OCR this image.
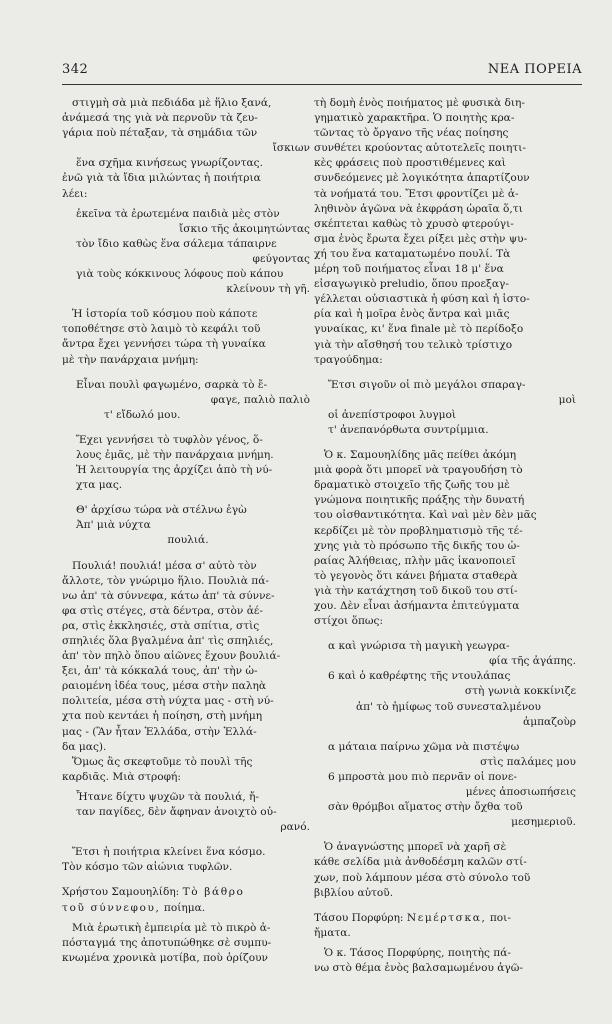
342	ΝΕΑ ΠΟΡΕΙΑ

στιγμὴ σὰ μιὰ πεδιάδα μὲ ἥλιο ξανά,

ἀνάμεσά της γιὰ νὰ περνοῦν τὰ ζευ-

γάρια ποὺ πέταξαν, τὰ σημάδια τῶν

ἴσκιων

ἕνα σχῆμα κινήσεως γνωρίζοντας.

ἐνῶ γιὰ τὰ ἴδια μιλώντας ἡ ποιήτρια

λέει:

ἐκεῖνα τὰ ἐρωτεμένα παιδιὰ μὲς στὸν

ἴσκιο τῆς ἀκοιμητώντας

τὸν ἴδιο καθὼς ἕνα σάλεμα τάπαιρνε

φεύγοντας

γιὰ τοὺς κόκκινους λόφους ποὺ κάπου

κλείνουν τὴ γῆ.

Ἡ ἱστορία τοῦ κόσμου ποὺ κάποτε

τοποθέτησε στὸ λαιμὸ τὸ κεφάλι τοῦ

ἄντρα ἔχει γεννήσει τώρα τὴ γυναίκα

μὲ τὴν πανάρχαια μνήμη:

Εἶναι πουλὶ φαγωμένο, σαρκὰ τὸ ἔ-

φαγε, παλιὸ παλιὸ

τ' εἴδωλό μου.

Ἔχει γεννήσει τὸ τυφλὸν γένος, ὅ-

λους ἐμᾶς, μὲ τὴν πανάρχαια μνήμη.

Ἡ λειτουργία της ἀρχίζει ἀπὸ τὴ νύ-

χτα μας.

Θ' ἀρχίσω τώρα νὰ στέλνω ἐγὼ

Ἀπ' μιὰ νύχτα

πουλιά.

Πουλιά! πουλιά! μέσα σ' αὐτὸ τὸν

ἄλλοτε, τὸν γνώριμο ἥλιο. Πουλιὰ πά-

νω ἀπ' τὰ σύννεφα, κάτω ἀπ' τὰ σύννε-

φα στὶς στέγες, στὰ δέντρα, στὸν ἀέ-

ρα, στὶς ἐκκλησιές, στὰ σπίτια, στὶς

σπηλιές ὅλα βγαλμένα ἀπ' τὶς σπηλιές,

ἀπ' τὸν πηλὸ ὅπου αἰῶνες ἔχουν βουλιά-

ξει, ἀπ' τὰ κόκκαλά τους, ἀπ' τὴν ὠ-

ραιομένη ἰδέα τους, μέσα στὴν παληὰ

πολιτεία, μέσα στὴ νύχτα μας - στὴ νύ-

χτα ποὺ κεντάει ἡ ποίηση, στὴ μνήμη

μας - (Ἂν ἦταν Ἑλλάδα, στὴν Ἑλλά-

δα μας).

Ὅμως ἂς σκεφτοῦμε τὸ πουλὶ τῆς

καρδιᾶς. Μιὰ στροφή:

Ἦτανε δίχτυ ψυχῶν τὰ πουλιά, ἤ-

ταν παγίδες, δὲν ἄφηναν ἀνοιχτὸ οὐ-

ρανό.

Ἔτσι ἡ ποιήτρια κλείνει ἕνα κόσμο.

Τὸν κόσμο τῶν αἰώνια τυφλῶν.

Χρήστου Σαμουηλίδη: Τὸ βάθρο

τοῦ σύννεφου, ποίημα.

Μιὰ ἐρωτικὴ ἐμπειρία μὲ τὸ πικρὸ ἀ-

πόσταγμά της ἀποτυπώθηκε σὲ συμπυ-

κνωμένα χρονικὰ μοτίβα, ποὺ ὁρίζουν

τὴ δομὴ ἑνὸς ποιήματος μὲ φυσικὰ διη-

γηματικὸ χαρακτῆρα. Ὁ ποιητὴς κρα-

τῶντας τὸ ὄργανο τῆς νέας ποίησης

συνθέτει κρούοντας αὐτοτελεῖς ποιητι-

κὲς φράσεις ποὺ προστιθέμενες καὶ

συνδεόμενες μὲ λογικότητα ἀπαρτίζουν

τὰ νοήματά του. Ἔτσι φροντίζει μὲ ἀ-

ληθινὸν ἀγῶνα νὰ ἐκφράση ὡραῖα ὅ,τι

σκέπτεται καθὼς τὸ χρυσὸ φτερούγι-

σμα ἑνὸς ἔρωτα ἔχει ρίξει μὲς στὴν ψυ-

χή του ἕνα καταματωμένο πουλί. Τὰ

μέρη τοῦ ποιήματος εἶναι 18 μ' ἕνα

εἰσαγωγικὸ preludio, ὅπου προεξαγ-

γέλλεται οὐσιαστικὰ ἡ φύση καὶ ἡ ἱστο-

ρία καὶ ἡ μοῖρα ἑνὸς ἄντρα καὶ μιᾶς

γυναίκας, κι' ἕνα finale μὲ τὸ περίδοξο

γιὰ τὴν αἴσθησή του τελικὸ τρίστιχο

τραγούδημα:

Ἔτσι σιγοῦν οἱ πιὸ μεγάλοι σπαραγ-

μοὶ

οἱ ἀνεπίστροφοι λυγμοὶ

τ' ἀνεπανόρθωτα συντρίμμια.

Ὁ κ. Σαμουηλίδης μᾶς πείθει ἀκόμη

μιὰ φορὰ ὅτι μπορεῖ νὰ τραγουδήση τὸ

δραματικὸ στοιχεῖο τῆς ζωῆς του μὲ

γνώμονα ποιητικῆς πράξης τὴν δυνατή

του οἰσθαντικότητα. Καὶ ναὶ μὲν δὲν μᾶς

κερδίζει μὲ τὸν προβληματισμὸ τῆς τέ-

χνης γιὰ τὸ πρόσωπο τῆς δικῆς του ὠ-

ραίας Ἀλήθειας, πλὴν μᾶς ἱκανοποιεῖ

τὸ γεγονὸς ὅτι κάνει βήματα σταθερὰ

γιὰ τὴν κατάχτηση τοῦ δικοῦ του στί-

χου. Δὲν εἶναι ἀσήμαντα ἐπιτεύγματα

στίχοι ὅπως:

α καὶ γνώρισα τὴ μαγικὴ γεωγρα-

φία τῆς ἀγάπης.

6 καὶ ὁ καθρέφτης τῆς ντουλάπας

στὴ γωνιὰ κοκκίνιζε

ἀπ' τὸ ἡμίφως τοῦ συνεσταλμένου

ἀμπαζοὺρ

α μάταια παίρνω χῶμα νὰ πιστέψω

στὶς παλάμες μου

6 μπροστὰ μου πιὸ περνᾶν οἱ πονε-

μένες ἀποσιωπήσεις

σὰν θρόμβοι αἵματος στὴν ὄχθα τοῦ

μεσημεριοῦ.

Ὁ ἀναγνώστης μπορεῖ νὰ χαρῆ σὲ

κάθε σελίδα μιὰ ἀνθοδέσμη καλῶν στί-

χων, ποὺ λάμπουν μέσα στὸ σύνολο τοῦ

βιβλίου αὐτοῦ.

Τάσου Πορφύρη: Νεμέρτσκα, ποι-

ἤματα.

Ὁ κ. Τάσος Πορφύρης, ποιητὴς πά-

νω στὸ θέμα ἑνὸς βαλσαμωμένου ἀγῶ-
